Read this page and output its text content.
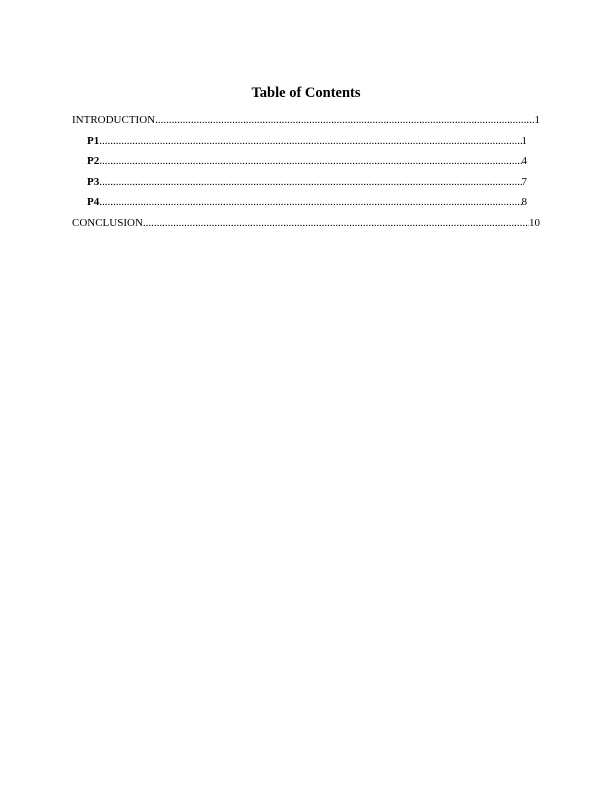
Table of Contents
INTRODUCTION .....	1
P1 .....	1
P2 .....	4
P3 .....	7
P4 .....	8
CONCLUSION .....	10
